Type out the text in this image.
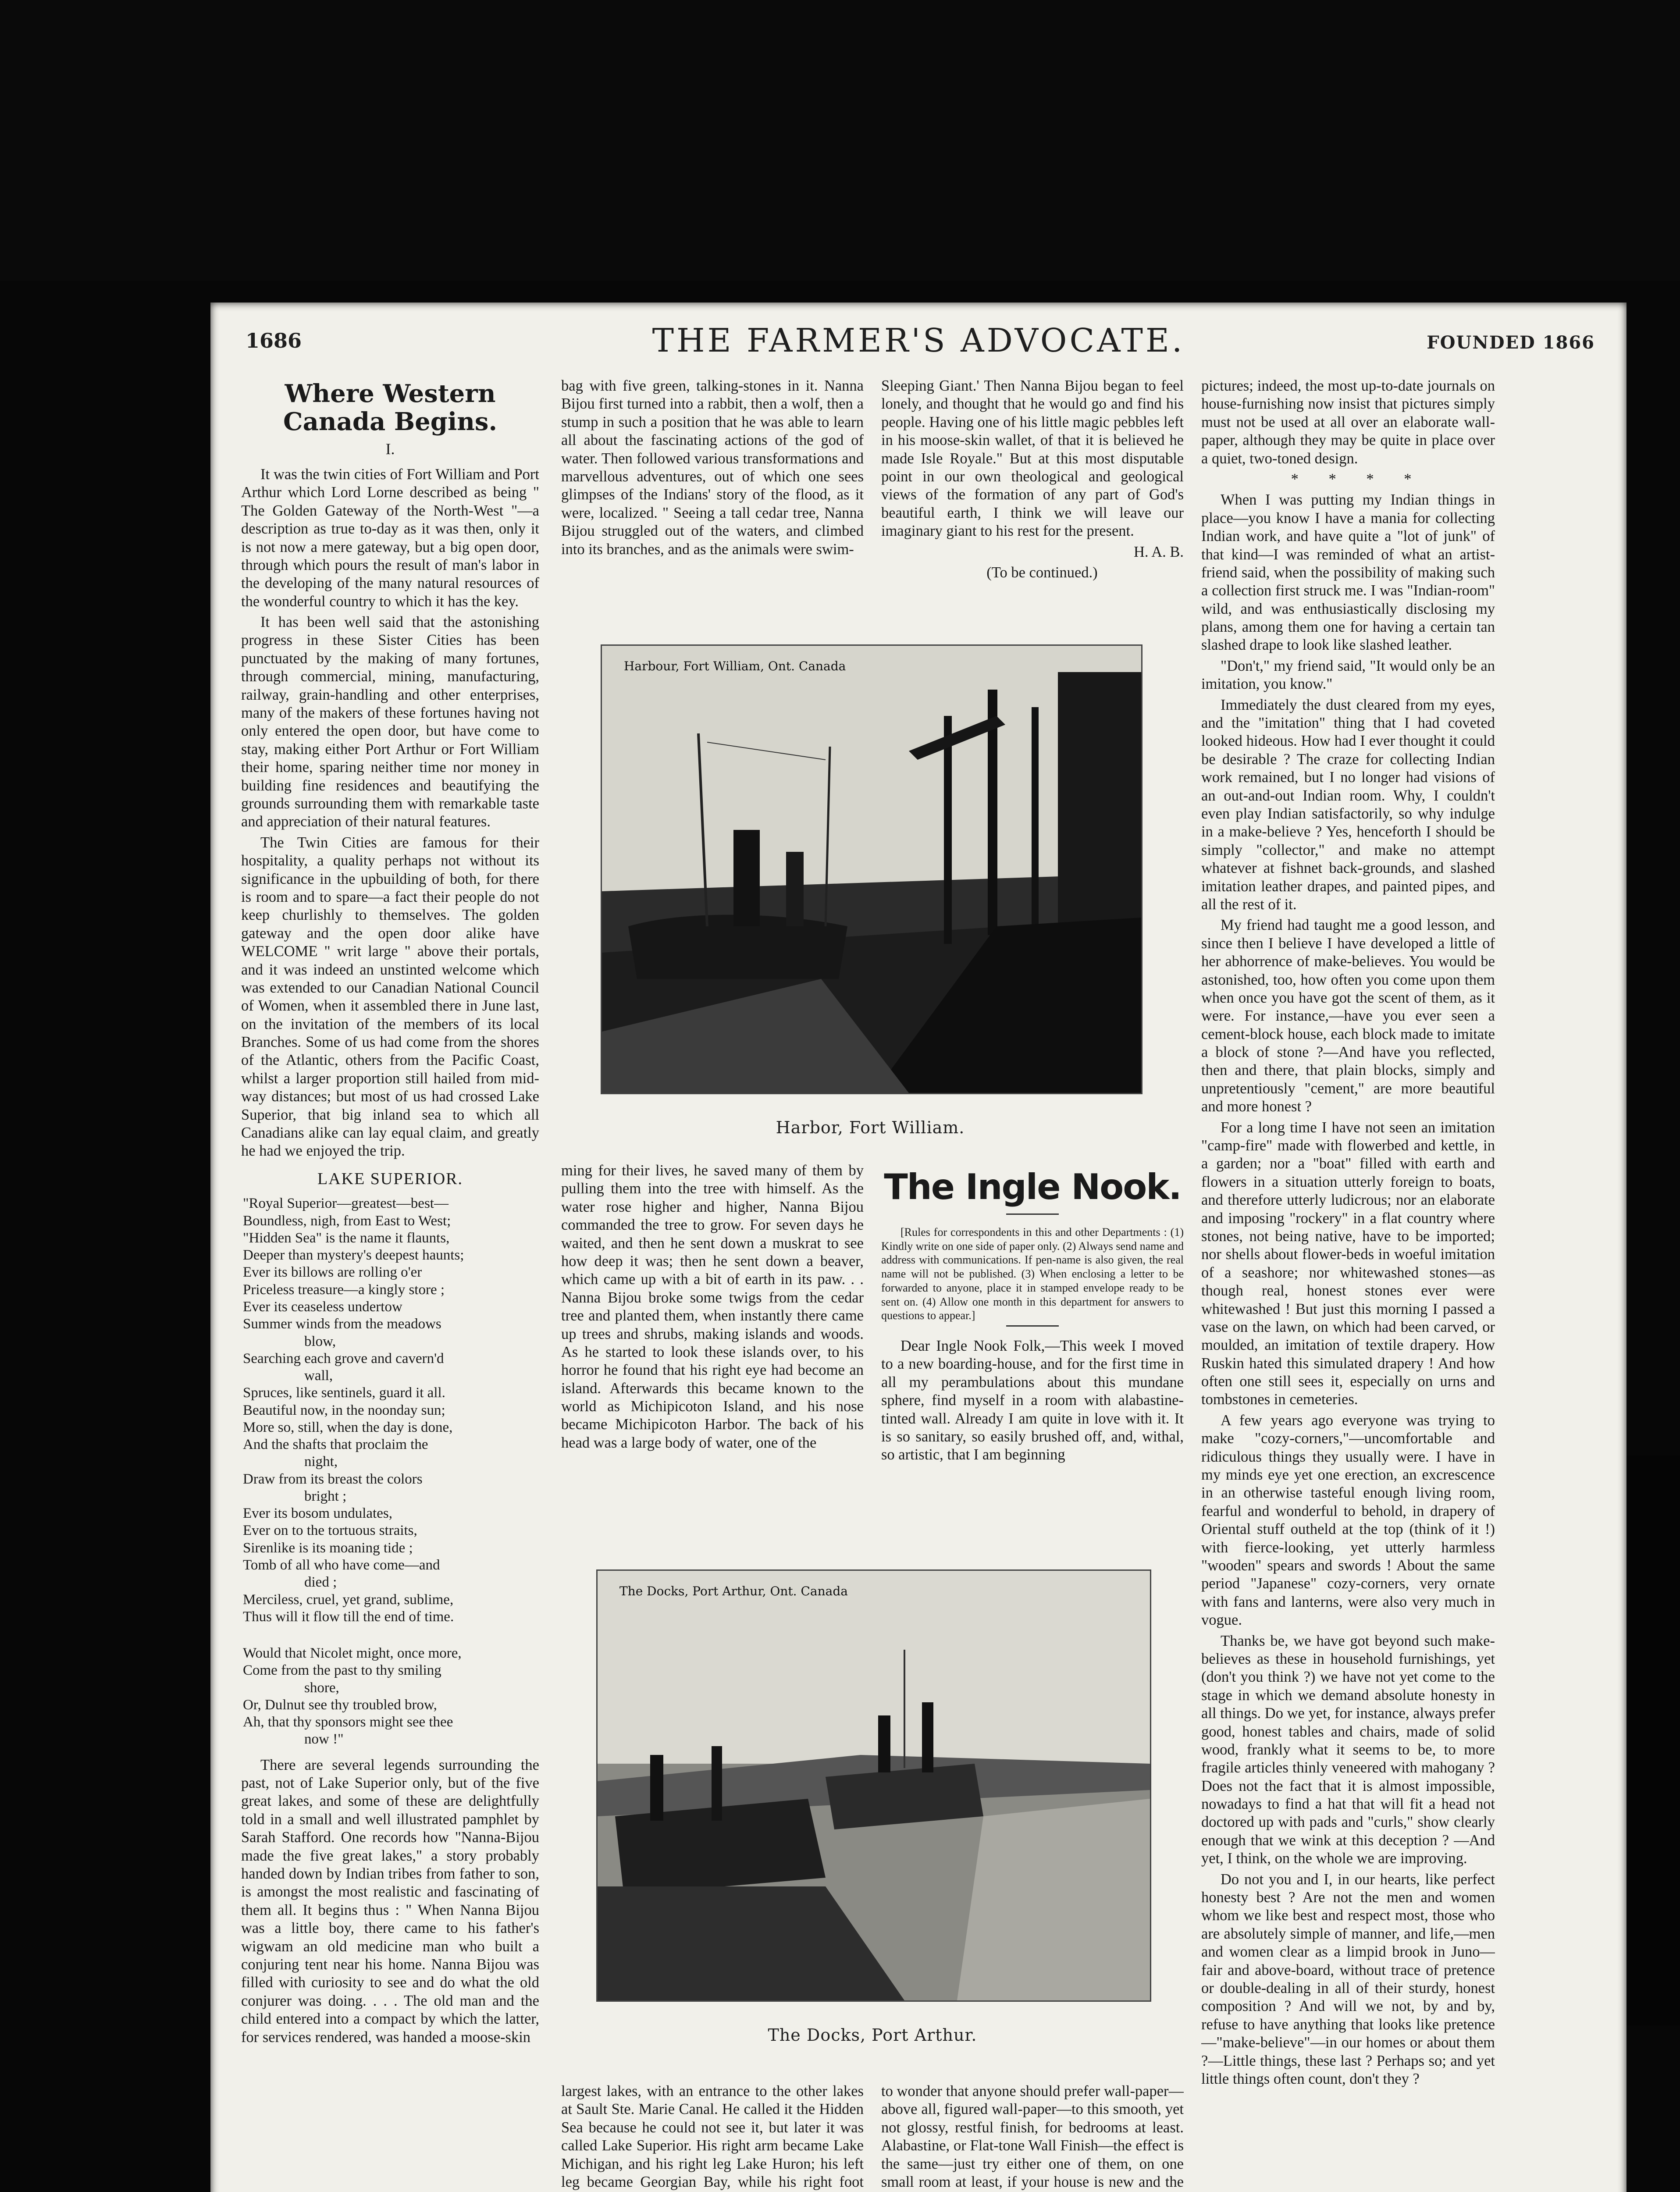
1686	THE FARMER'S ADVOCATE.	FOUNDED 1866
Where Western Canada Begins.
I.

It was the twin cities of Fort William and Port Arthur which Lord Lorne described as being " The Golden Gateway of the North-West "—a description as true to-day as it was then, only it is not now a mere gateway, but a big open door, through which pours the result of man's labor in the developing of the many natural resources of the wonderful country to which it has the key.

It has been well said that the astonishing progress in these Sister Cities has been punctuated by the making of many fortunes, through commercial, mining, manufacturing, railway, grain-handling and other enterprises, many of the makers of these fortunes having not only entered the open door, but have come to stay, making either Port Arthur or Fort William their home, sparing neither time nor money in building fine residences and beautifying the grounds surrounding them with remarkable taste and appreciation of their natural features.

The Twin Cities are famous for their hospitality, a quality perhaps not without its significance in the upbuilding of both, for there is room and to spare—a fact their people do not keep churlishly to themselves. The golden gateway and the open door alike have WELCOME " writ large " above their portals, and it was indeed an unstinted welcome which was extended to our Canadian National Council of Women, when it assembled there in June last, on the invitation of the members of its local Branches. Some of us had come from the shores of the Atlantic, others from the Pacific Coast, whilst a larger proportion still hailed from mid-way distances; but most of us had crossed Lake Superior, that big inland sea to which all Canadians alike can lay equal claim, and greatly he had we enjoyed the trip.

LAKE SUPERIOR.
"Royal Superior—greatest—best—
Boundless, nigh, from East to West;
"Hidden Sea" is the name it flaunts,
Deeper than mystery's deepest haunts;
Ever its billows are rolling o'er
Priceless treasure—a kingly store ;
Ever its ceaseless undertow
Summer winds from the meadows
blow,
Searching each grove and cavern'd
wall,
Spruces, like sentinels, guard it all.
Beautiful now, in the noonday sun;
More so, still, when the day is done,
And the shafts that proclaim the
night,
Draw from its breast the colors
bright ;
Ever its bosom undulates,
Ever on to the tortuous straits,
Sirenlike is its moaning tide ;
Tomb of all who have come—and
died ;
Merciless, cruel, yet grand, sublime,
Thus will it flow till the end of time.
Would that Nicolet might, once more,
Come from the past to thy smiling
shore,
Or, Dulnut see thy troubled brow,
Ah, that thy sponsors might see thee
now !"

There are several legends surrounding the past, not of Lake Superior only, but of the five great lakes, and some of these are delightfully told in a small and well illustrated pamphlet by Sarah Stafford. One records how "Nanna-Bijou made the five great lakes," a story probably handed down by Indian tribes from father to son, is amongst the most realistic and fascinating of them all. It begins thus : " When Nanna Bijou was a little boy, there came to his father's wigwam an old medicine man who built a conjuring tent near his home. Nanna Bijou was filled with curiosity to see and do what the old conjurer was doing. . . . The old man and the child entered into a compact by which the latter, for services rendered, was handed a moose-skin

bag with five green, talking-stones in it. Nanna Bijou first turned into a rabbit, then a wolf, then a stump in such a position that he was able to learn all about the fascinating actions of the god of water. Then followed various transformations and marvellous adventures, out of which one sees glimpses of the Indians' story of the flood, as it were, localized. " Seeing a tall cedar tree, Nanna Bijou struggled out of the waters, and climbed into its branches, and as the animals were swim-

ming for their lives, he saved many of them by pulling them into the tree with himself. As the water rose higher and higher, Nanna Bijou commanded the tree to grow. For seven days he waited, and then he sent down a muskrat to see how deep it was; then he sent down a beaver, which came up with a bit of earth in its paw. . . Nanna Bijou broke some twigs from the cedar tree and planted them, when instantly there came up trees and shrubs, making islands and woods. As he started to look these islands over, to his horror he found that his right eye had become an island. Afterwards this became known to the world as Michipicoton Island, and his nose became Michipicoton Harbor. The back of his head was a large body of water, one of the

largest lakes, with an entrance to the other lakes at Sault Ste. Marie Canal. He called it the Hidden Sea because he could not see it, but later it was called Lake Superior. His right arm became Lake Michigan, and his right leg Lake Huron; his left leg became Georgian Bay, while his right foot

Sleeping Giant.' Then Nanna Bijou began to feel lonely, and thought that he would go and find his people. Having one of his little magic pebbles left in his moose-skin wallet, of that it is believed he made Isle Royale." But at this most disputable point in our own theological and geological views of the formation of any part of God's beautiful earth, I think we will leave our imaginary giant to his rest for the present.

H. A. B.

(To be continued.)

The Ingle Nook.

[Rules for correspondents in this and other Departments : (1) Kindly write on one side of paper only. (2) Always send name and address with communications. If pen-name is also given, the real name will not be published. (3) When enclosing a letter to be forwarded to anyone, place it in stamped envelope ready to be sent on. (4) Allow one month in this department for answers to questions to appear.]

Dear Ingle Nook Folk,—This week I moved to a new boarding-house, and for the first time in all my perambulations about this mundane sphere, find myself in a room with alabastine-tinted wall. Already I am quite in love with it. It is so sanitary, so easily brushed off, and, withal, so artistic, that I am beginning

to wonder that anyone should prefer wall-paper—above all, figured wall-paper—to this smooth, yet not glossy, restful finish, for bedrooms at least. Alabastine, or Flat-tone Wall Finish—the effect is the same—just try either one of them, on one small room at least, if your house is new and the

pictures; indeed, the most up-to-date journals on house-furnishing now insist that pictures simply must not be used at all over an elaborate wall-paper, although they may be quite in place over a quiet, two-toned design.

* * * *

When I was putting my Indian things in place—you know I have a mania for collecting Indian work, and have quite a "lot of junk" of that kind—I was reminded of what an artist-friend said, when the possibility of making such a collection first struck me. I was "Indian-room" wild, and was enthusiastically disclosing my plans, among them one for having a certain tan slashed drape to look like slashed leather.

"Don't," my friend said, "It would only be an imitation, you know."

Immediately the dust cleared from my eyes, and the "imitation" thing that I had coveted looked hideous. How had I ever thought it could be desirable ? The craze for collecting Indian work remained, but I no longer had visions of an out-and-out Indian room. Why, I couldn't even play Indian satisfactorily, so why indulge in a make-believe ? Yes, henceforth I should be simply "collector," and make no attempt whatever at fishnet back-grounds, and slashed imitation leather drapes, and painted pipes, and all the rest of it.

My friend had taught me a good lesson, and since then I believe I have developed a little of her abhorrence of make-believes. You would be astonished, too, how often you come upon them when once you have got the scent of them, as it were. For instance,—have you ever seen a cement-block house, each block made to imitate a block of stone ?—And have you reflected, then and there, that plain blocks, simply and unpretentiously "cement," are more beautiful and more honest ?

For a long time I have not seen an imitation "camp-fire" made with flowerbed and kettle, in a garden; nor a "boat" filled with earth and flowers in a situation utterly foreign to boats, and therefore utterly ludicrous; nor an elaborate and imposing "rockery" in a flat country where stones, not being native, have to be imported; nor shells about flower-beds in woeful imitation of a seashore; nor whitewashed stones—as though real, honest stones ever were whitewashed ! But just this morning I passed a vase on the lawn, on which had been carved, or moulded, an imitation of textile drapery. How Ruskin hated this simulated drapery ! And how often one still sees it, especially on urns and tombstones in cemeteries.

A few years ago everyone was trying to make "cozy-corners,"—uncomfortable and ridiculous things they usually were. I have in my minds eye yet one erection, an excrescence in an otherwise tasteful enough living room, fearful and wonderful to behold, in drapery of Oriental stuff outheld at the top (think of it !) with fierce-looking, yet utterly harmless "wooden" spears and swords ! About the same period "Japanese" cozy-corners, very ornate with fans and lanterns, were also very much in vogue.

Thanks be, we have got beyond such make-believes as these in household furnishings, yet (don't you think ?) we have not yet come to the stage in which we demand absolute honesty in all things. Do we yet, for instance, always prefer good, honest tables and chairs, made of solid wood, frankly what it seems to be, to more fragile articles thinly veneered with mahogany ? Does not the fact that it is almost impossible, nowadays to find a hat that will fit a head not doctored up with pads and "curls," show clearly enough that we wink at this deception ? —And yet, I think, on the whole we are improving.

Do not you and I, in our hearts, like perfect honesty best ? Are not the men and women whom we like best and respect most, those who are absolutely simple of manner, and life,—men and women clear as a limpid brook in Juno—fair and above-board, without trace of pretence or double-dealing in all of their sturdy, honest composition ? And will we not, by and by, refuse to have anything that looks like pretence—"make-believe"—in our homes or about them ?—Little things, these last ? Perhaps so; and yet little things often count, don't they ?

Harbour, Fort William, Ont. Canada
Harbor, Fort William.
The Docks, Port Arthur, Ont. Canada
The Docks, Port Arthur.
